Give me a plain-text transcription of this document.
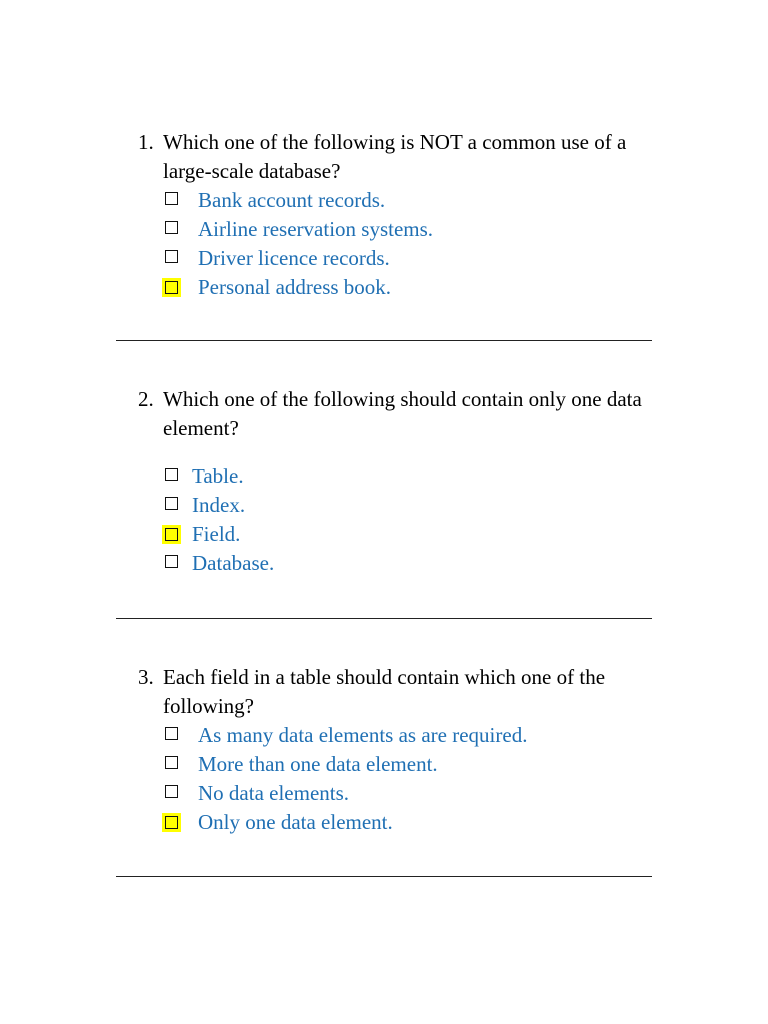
1. Which one of the following is NOT a common use of a large-scale database?
Bank account records.
Airline reservation systems.
Driver licence records.
Personal address book.
2. Which one of the following should contain only one data element?
Table.
Index.
Field.
Database.
3. Each field in a table should contain which one of the following?
As many data elements as are required.
More than one data element.
No data elements.
Only one data element.
